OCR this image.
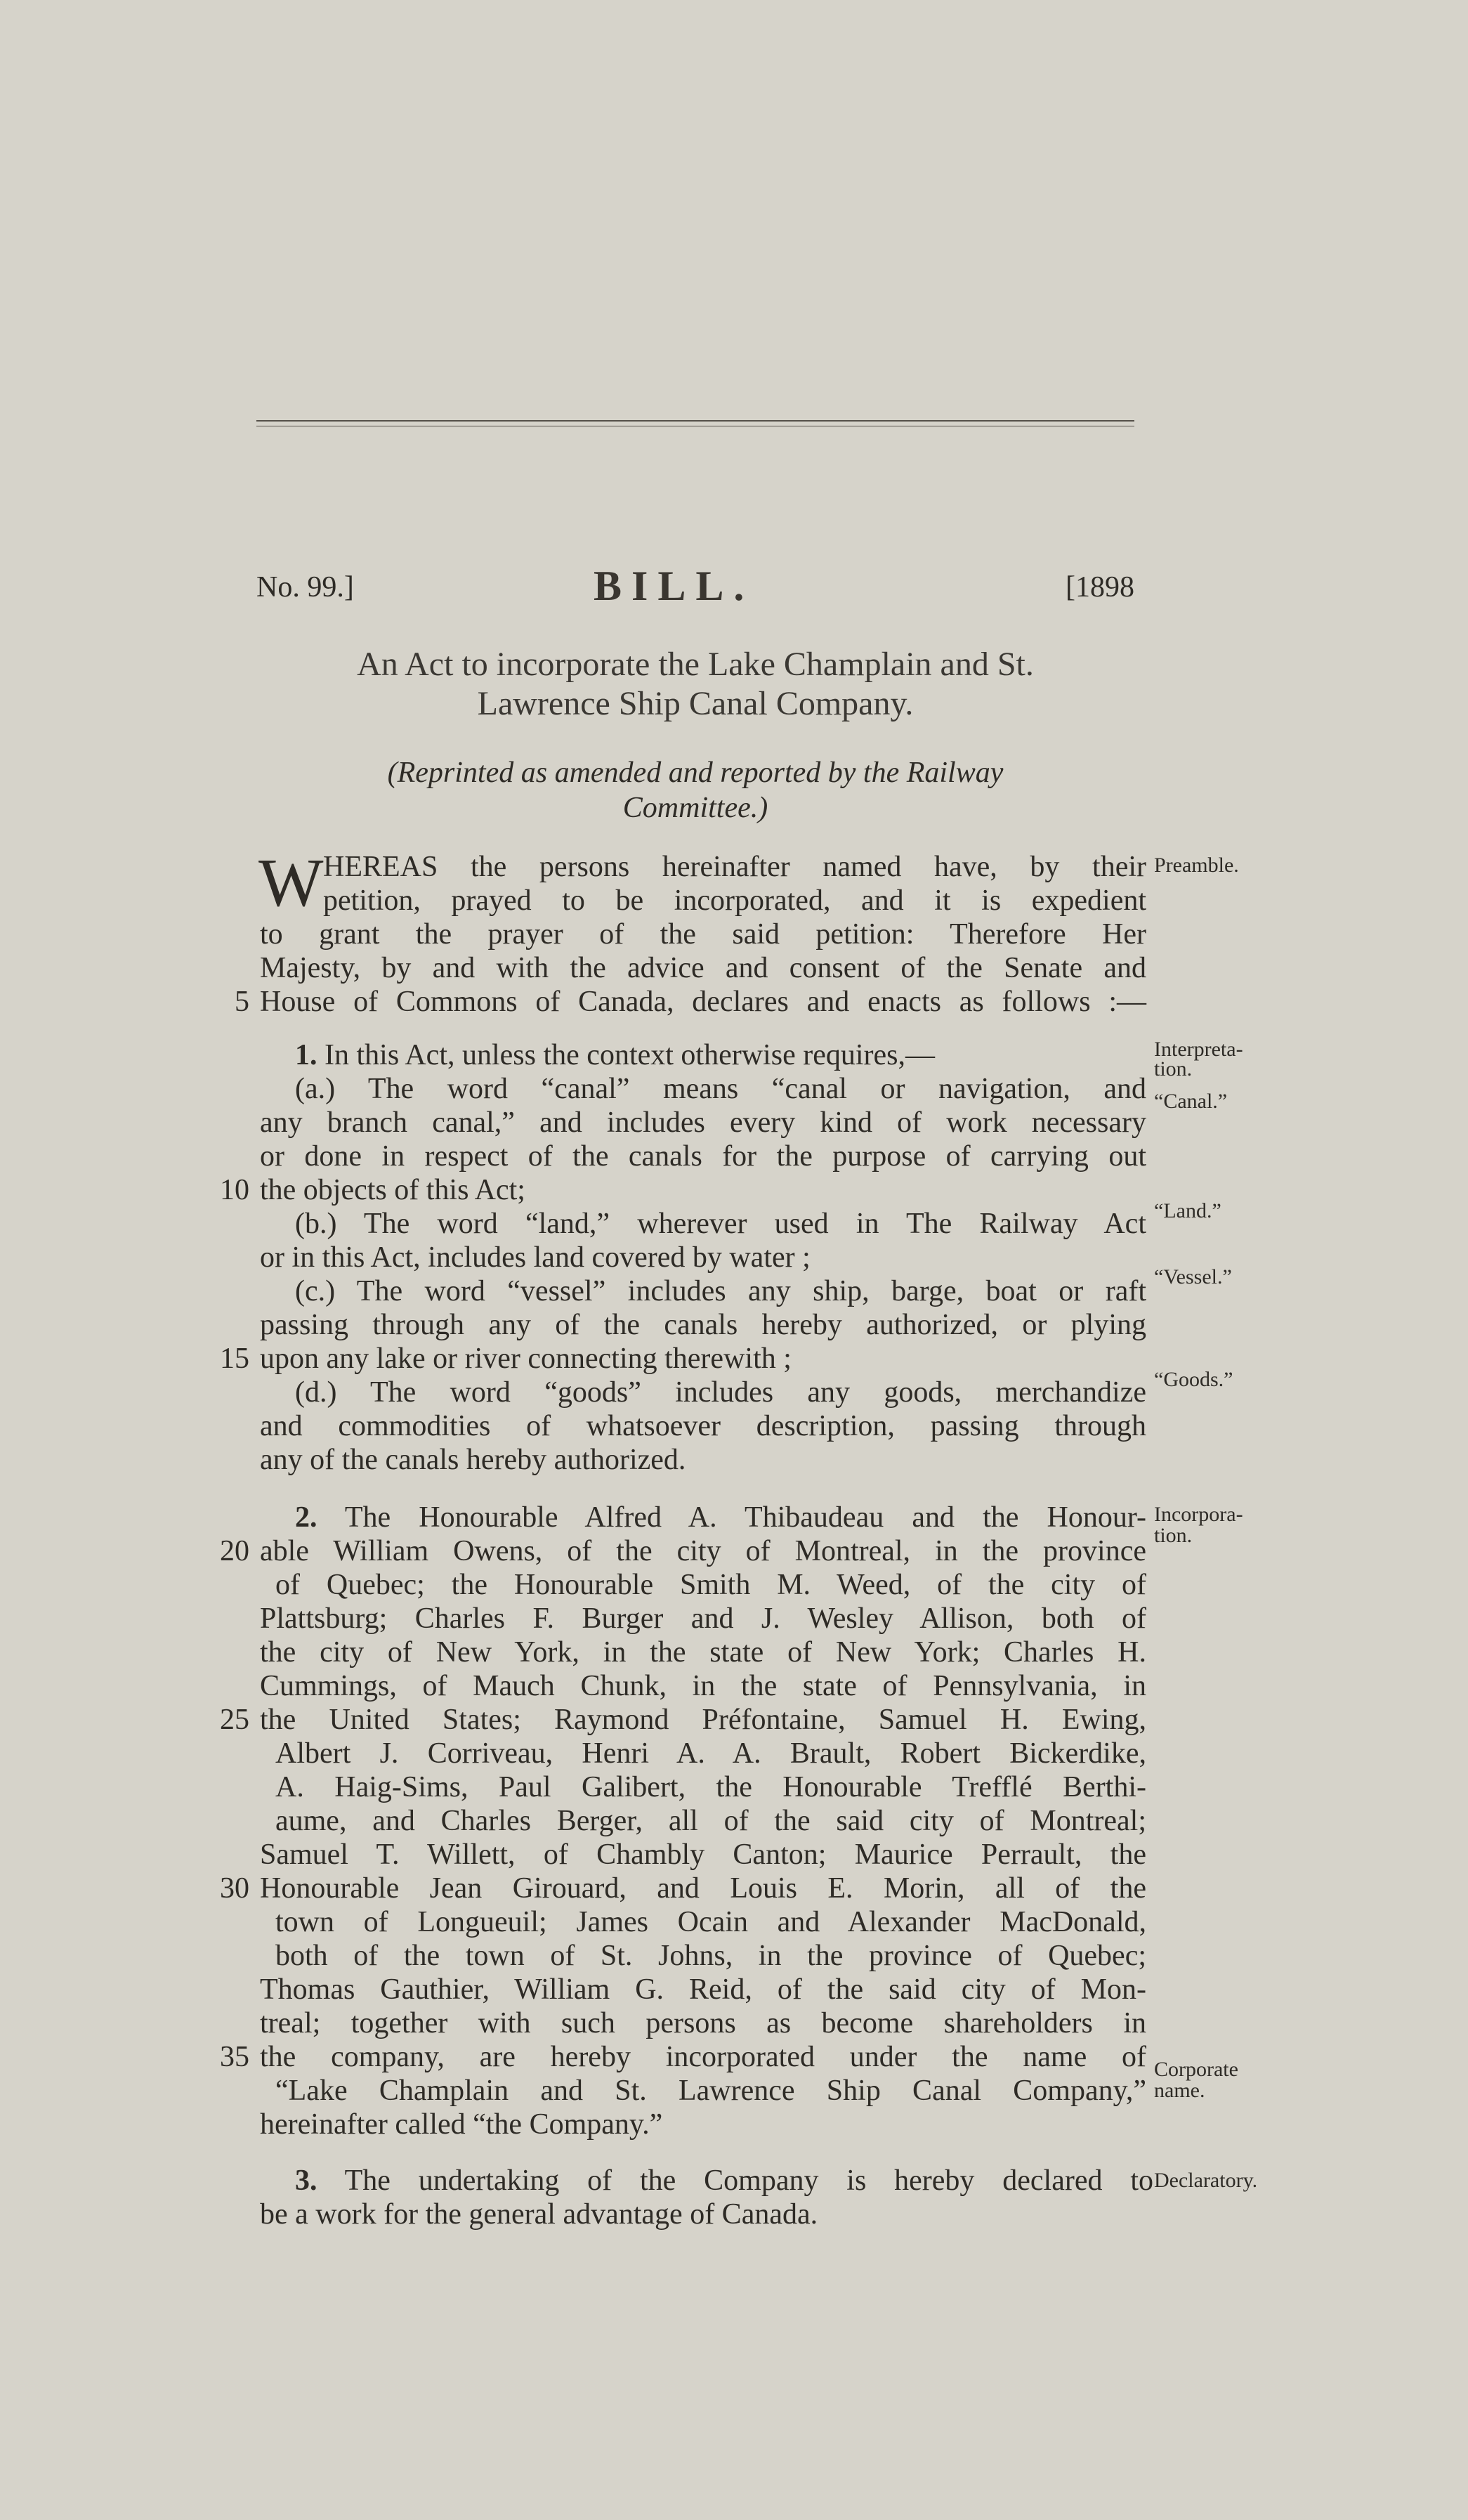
No. 99.]	BILL.	[1898
An Act to incorporate the Lake Champlain and St.
Lawrence Ship Canal Company.
(Reprinted as amended and reported by the Railway
Committee.)
W HEREAS the persons hereinafter named have, by their
petition, prayed to be incorporated, and it is expedient
to grant the prayer of the said petition: Therefore Her
Majesty, by and with the advice and consent of the Senate and
House of Commons of Canada, declares and enacts as follows :—
5
Preamble.
1. In this Act, unless the context otherwise requires,—
(a.) The word “canal” means “canal or navigation, and
any branch canal,” and includes every kind of work necessary
or done in respect of the canals for the purpose of carrying out
the objects of this Act;
10
(b.) The word “land,” wherever used in The Railway Act
or in this Act, includes land covered by water ;
(c.) The word “vessel” includes any ship, barge, boat or raft
passing through any of the canals hereby authorized, or plying
upon any lake or river connecting therewith ;
15
(d.) The word “goods” includes any goods, merchandize
and commodities of whatsoever description, passing through
any of the canals hereby authorized.
Interpreta-
tion.
“Canal.”
“Land.”
“Vessel.”
“Goods.”
2. The Honourable Alfred A. Thibaudeau and the Honour-
able William Owens, of the city of Montreal, in the province
20
of Quebec; the Honourable Smith M. Weed, of the city of
Plattsburg; Charles F. Burger and J. Wesley Allison, both of
the city of New York, in the state of New York; Charles H.
Cummings, of Mauch Chunk, in the state of Pennsylvania, in
the United States; Raymond Préfontaine, Samuel H. Ewing,
25
Albert J. Corriveau, Henri A. A. Brault, Robert Bickerdike,
A. Haig-Sims, Paul Galibert, the Honourable Trefflé Berthi-
aume, and Charles Berger, all of the said city of Montreal;
Samuel T. Willett, of Chambly Canton; Maurice Perrault, the
Honourable Jean Girouard, and Louis E. Morin, all of the
30
town of Longueuil; James Ocain and Alexander MacDonald,
both of the town of St. Johns, in the province of Quebec;
Thomas Gauthier, William G. Reid, of the said city of Mon-
treal; together with such persons as become shareholders in
the company, are hereby incorporated under the name of
35
“Lake Champlain and St. Lawrence Ship Canal Company,”
hereinafter called “the Company.”
Incorpora-
tion.
Corporate
name.
3. The undertaking of the Company is hereby declared to
be a work for the general advantage of Canada.
Declaratory.
